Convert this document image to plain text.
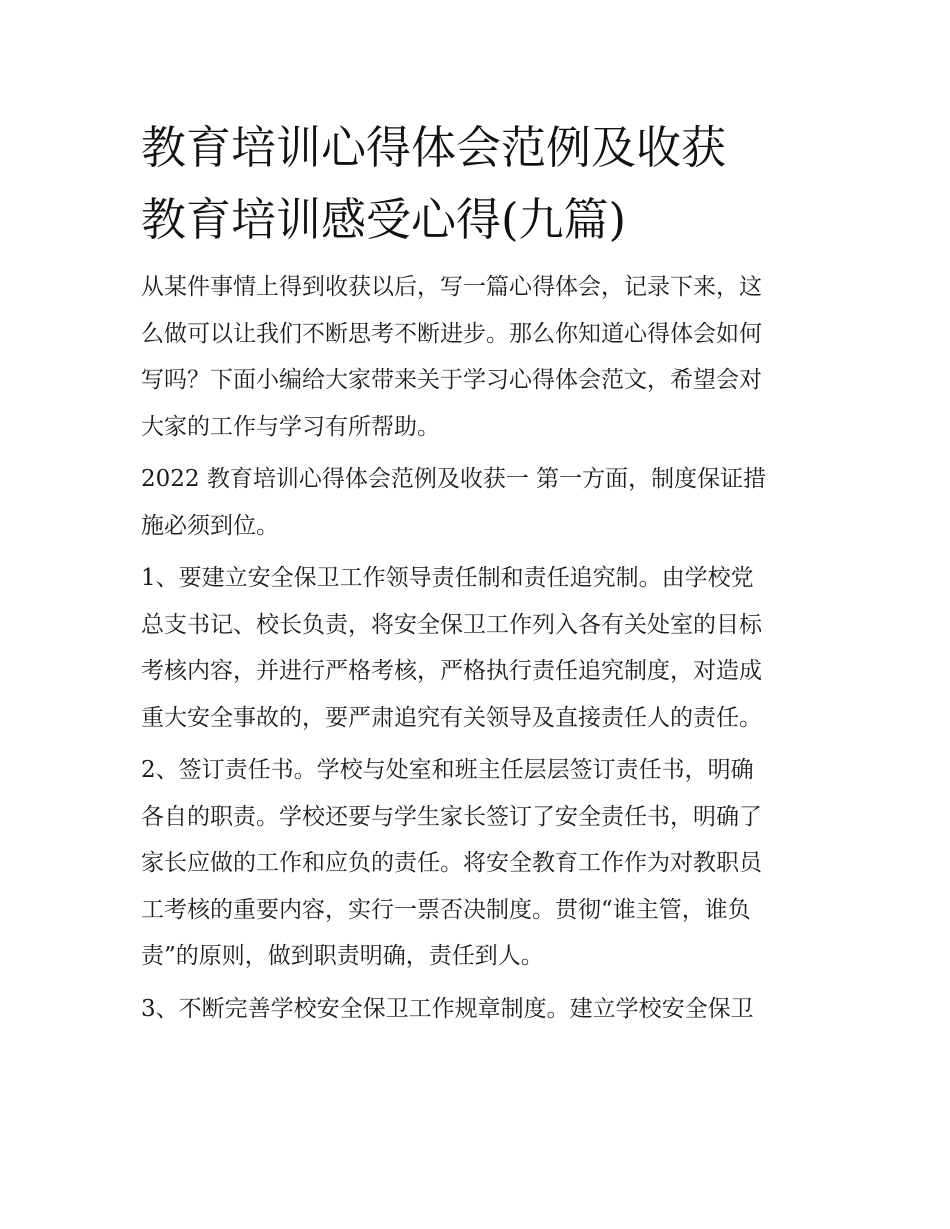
教育培训心得体会范例及收获
教育培训感受心得(九篇)

从某件事情上得到收获以后，写一篇心得体会，记录下来，这
么做可以让我们不断思考不断进步。那么你知道心得体会如何
写吗？下面小编给大家带来关于学习心得体会范文，希望会对
大家的工作与学习有所帮助。

2022 教育培训心得体会范例及收获一 第一方面，制度保证措
施必须到位。

1、要建立安全保卫工作领导责任制和责任追究制。由学校党
总支书记、校长负责，将安全保卫工作列入各有关处室的目标
考核内容，并进行严格考核，严格执行责任追究制度，对造成
重大安全事故的，要严肃追究有关领导及直接责任人的责任。

2、签订责任书。学校与处室和班主任层层签订责任书，明确
各自的职责。学校还要与学生家长签订了安全责任书，明确了
家长应做的工作和应负的责任。将安全教育工作作为对教职员
工考核的重要内容，实行一票否决制度。贯彻“谁主管，谁负
责”的原则，做到职责明确，责任到人。

3、不断完善学校安全保卫工作规章制度。建立学校安全保卫
